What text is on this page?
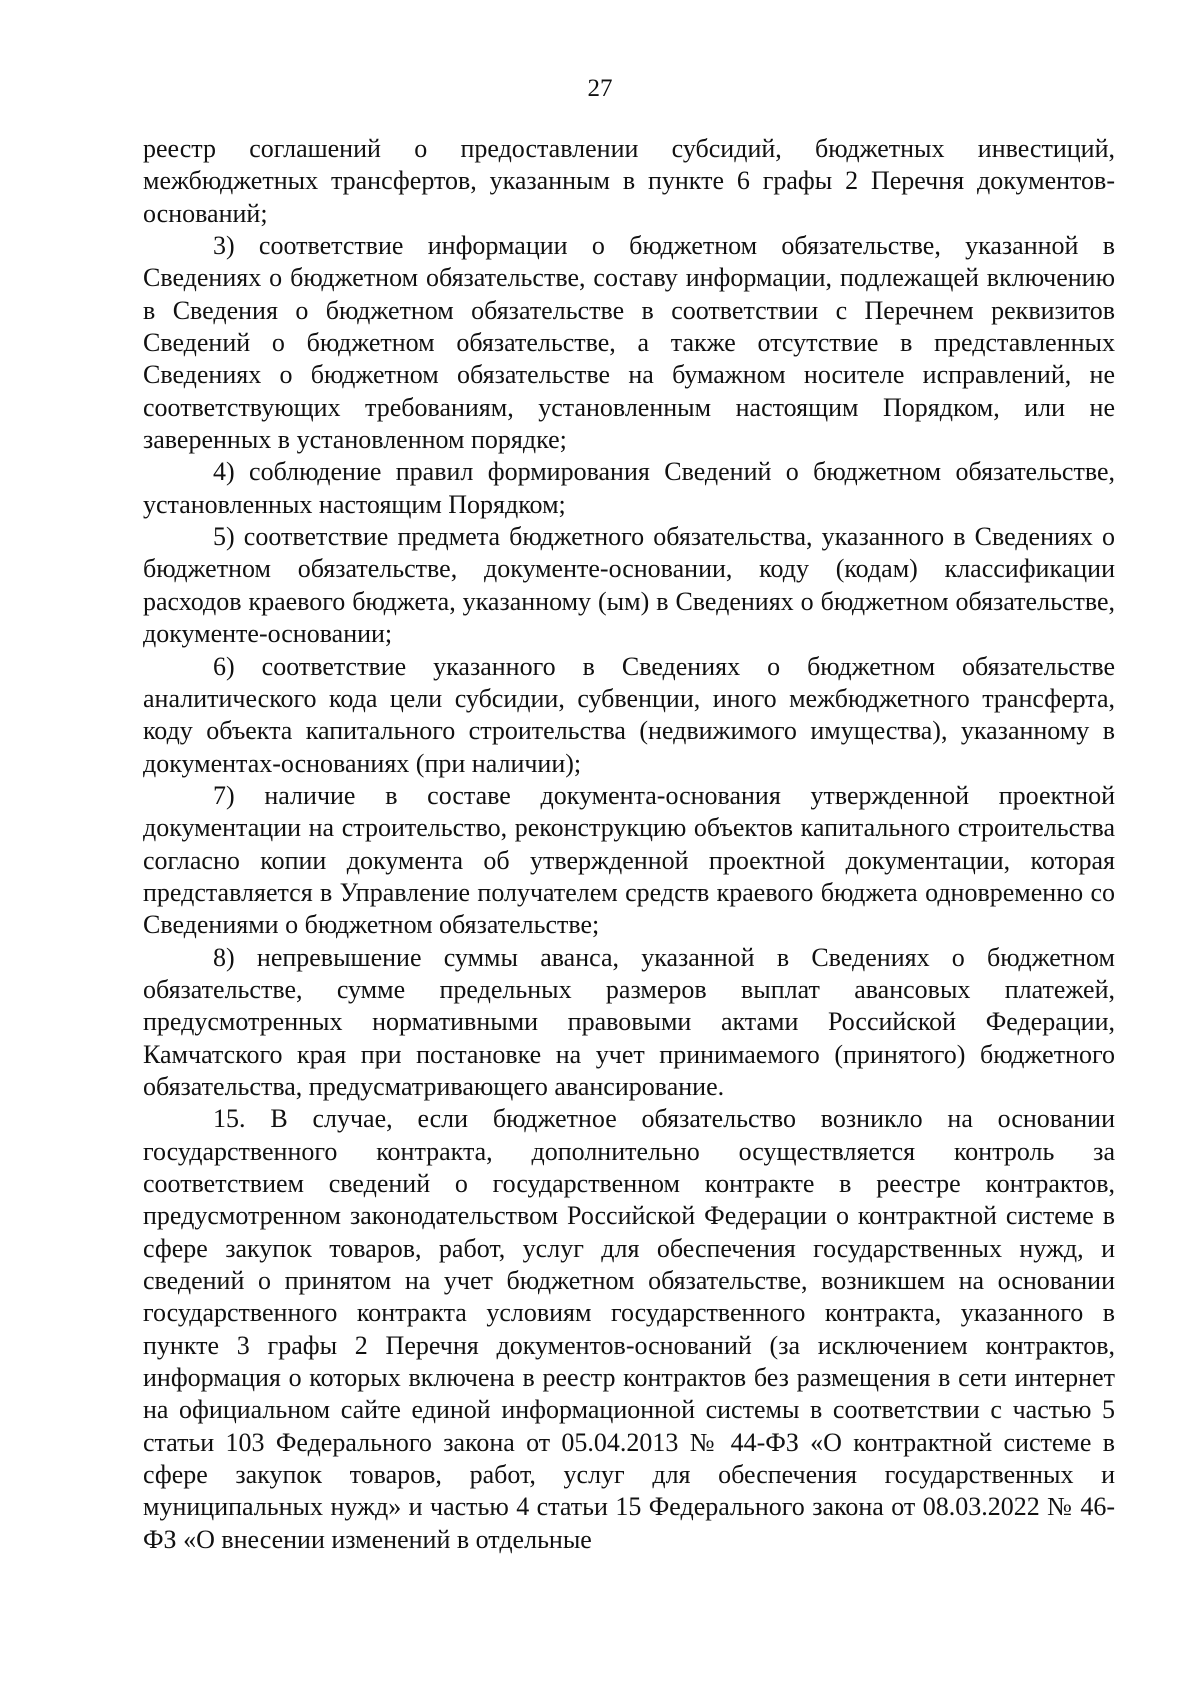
27

реестр соглашений о предоставлении субсидий, бюджетных инвестиций, межбюджетных трансфертов, указанным в пункте 6 графы 2 Перечня документов-оснований;

3) соответствие информации о бюджетном обязательстве, указанной в Сведениях о бюджетном обязательстве, составу информации, подлежащей включению в Сведения о бюджетном обязательстве в соответствии с Перечнем реквизитов Сведений о бюджетном обязательстве, а также отсутствие в представленных Сведениях о бюджетном обязательстве на бумажном носителе исправлений, не соответствующих требованиям, установленным настоящим Порядком, или не заверенных в установленном порядке;

4) соблюдение правил формирования Сведений о бюджетном обязательстве, установленных настоящим Порядком;

5) соответствие предмета бюджетного обязательства, указанного в Сведениях о бюджетном обязательстве, документе-основании, коду (кодам) классификации расходов краевого бюджета, указанному (ым) в Сведениях о бюджетном обязательстве, документе-основании;

6) соответствие указанного в Сведениях о бюджетном обязательстве аналитического кода цели субсидии, субвенции, иного межбюджетного трансферта, коду объекта капитального строительства (недвижимого имущества), указанному в документах-основаниях (при наличии);

7) наличие в составе документа-основания утвержденной проектной документации на строительство, реконструкцию объектов капитального строительства согласно копии документа об утвержденной проектной документации, которая представляется в Управление получателем средств краевого бюджета одновременно со Сведениями о бюджетном обязательстве;

8) непревышение суммы аванса, указанной в Сведениях о бюджетном обязательстве, сумме предельных размеров выплат авансовых платежей, предусмотренных нормативными правовыми актами Российской Федерации, Камчатского края при постановке на учет принимаемого (принятого) бюджетного обязательства, предусматривающего авансирование.

15. В случае, если бюджетное обязательство возникло на основании государственного контракта, дополнительно осуществляется контроль за соответствием сведений о государственном контракте в реестре контрактов, предусмотренном законодательством Российской Федерации о контрактной системе в сфере закупок товаров, работ, услуг для обеспечения государственных нужд, и сведений о принятом на учет бюджетном обязательстве, возникшем на основании государственного контракта условиям государственного контракта, указанного в пункте 3 графы 2 Перечня документов-оснований (за исключением контрактов, информация о которых включена в реестр контрактов без размещения в сети интернет на официальном сайте единой информационной системы в соответствии с частью 5 статьи 103 Федерального закона от 05.04.2013 № 44-ФЗ «О контрактной системе в сфере закупок товаров, работ, услуг для обеспечения государственных и муниципальных нужд» и частью 4 статьи 15 Федерального закона от 08.03.2022 № 46-ФЗ «О внесении изменений в отдельные
